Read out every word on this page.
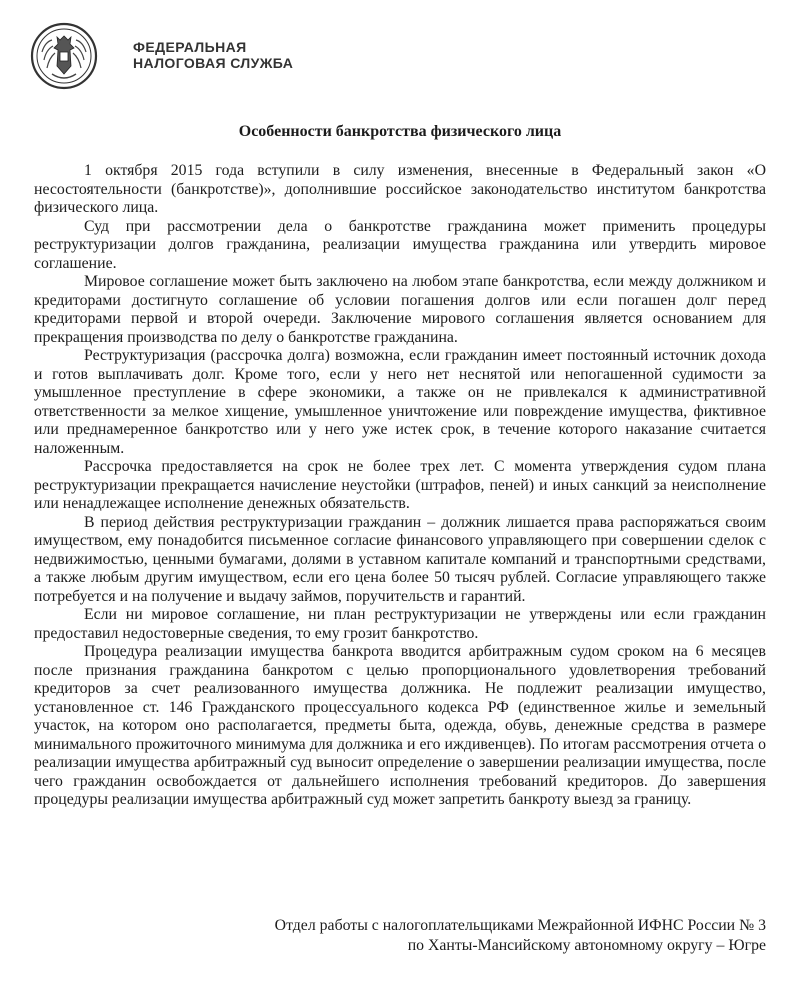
ФЕДЕРАЛЬНАЯ
НАЛОГОВАЯ СЛУЖБА
Особенности банкротства физического лица

1 октября 2015 года вступили в силу изменения, внесенные в Федеральный закон «О несостоятельности (банкротстве)», дополнившие российское законодательство институтом банкротства физического лица.

Суд при рассмотрении дела о банкротстве гражданина может применить процедуры реструктуризации долгов гражданина, реализации имущества гражданина или утвердить мировое соглашение.

Мировое соглашение может быть заключено на любом этапе банкротства, если между должником и кредиторами достигнуто соглашение об условии погашения долгов или если погашен долг перед кредиторами первой и второй очереди. Заключение мирового соглашения является основанием для прекращения производства по делу о банкротстве гражданина.

Реструктуризация (рассрочка долга) возможна, если гражданин имеет постоянный источник дохода и готов выплачивать долг. Кроме того, если у него нет неснятой или непогашенной судимости за умышленное преступление в сфере экономики, а также он не привлекался к административной ответственности за мелкое хищение, умышленное уничтожение или повреждение имущества, фиктивное или преднамеренное банкротство или у него уже истек срок, в течение которого наказание считается наложенным.

Рассрочка предоставляется на срок не более трех лет. С момента утверждения судом плана реструктуризации прекращается начисление неустойки (штрафов, пеней) и иных санкций за неисполнение или ненадлежащее исполнение денежных обязательств.

В период действия реструктуризации гражданин – должник лишается права распоряжаться своим имуществом, ему понадобится письменное согласие финансового управляющего при совершении сделок с недвижимостью, ценными бумагами, долями в уставном капитале компаний и транспортными средствами, а также любым другим имуществом, если его цена более 50 тысяч рублей. Согласие управляющего также потребуется и на получение и выдачу займов, поручительств и гарантий.

Если ни мировое соглашение, ни план реструктуризации не утверждены или если гражданин предоставил недостоверные сведения, то ему грозит банкротство.

Процедура реализации имущества банкрота вводится арбитражным судом сроком на 6 месяцев после признания гражданина банкротом с целью пропорционального удовлетворения требований кредиторов за счет реализованного имущества должника. Не подлежит реализации имущество, установленное ст. 146 Гражданского процессуального кодекса РФ (единственное жилье и земельный участок, на котором оно располагается, предметы быта, одежда, обувь, денежные средства в размере минимального прожиточного минимума для должника и его иждивенцев). По итогам рассмотрения отчета о реализации имущества арбитражный суд выносит определение о завершении реализации имущества, после чего гражданин освобождается от дальнейшего исполнения требований кредиторов. До завершения процедуры реализации имущества арбитражный суд может запретить банкроту выезд за границу.

Отдел работы с налогоплательщиками Межрайонной ИФНС России № 3
по Ханты-Мансийскому автономному округу – Югре
